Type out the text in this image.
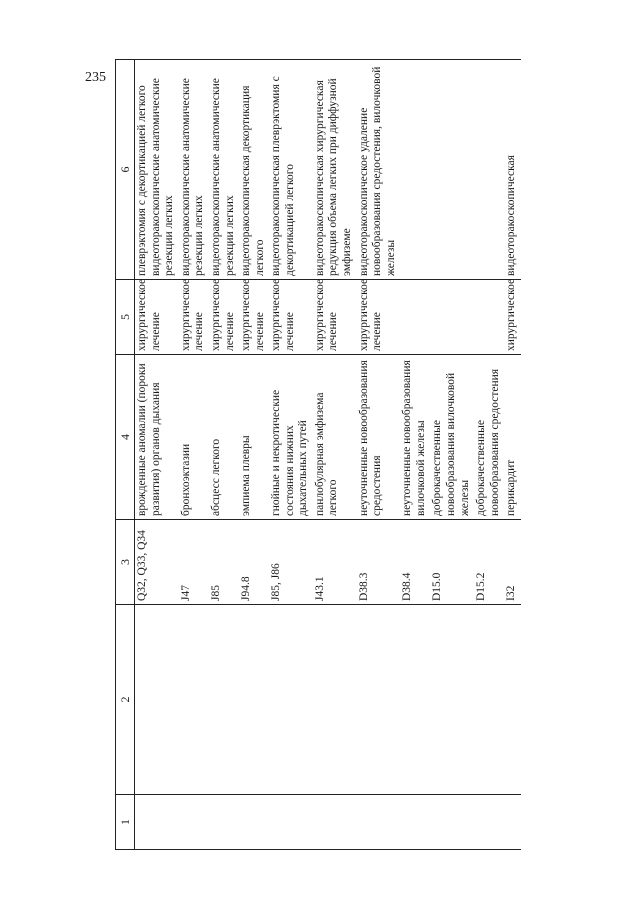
235
1	2	3	4	5	6
		Q32, Q33, Q34	врожденные аномалии (пороки развития) органов дыхания	хирургическое лечение	плеврэктомия с декортикацией легкого видеоторакоскопические анатомические резекции легких
		J47	бронхоэктазии	хирургическое лечение	видеоторакоскопические анатомические резекции легких
		J85	абсцесс легкого	хирургическое лечение	видеоторакоскопические анатомические резекции легких
		J94.8	эмпиема плевры	хирургическое лечение	видеоторакоскопическая декортикация легкого
		J85, J86	гнойные и некротические состояния нижних дыхательных путей	хирургическое лечение	видеоторакоскопическая плеврэктомия с декортикацией легкого
		J43.1	панлобулярная эмфизема легкого	хирургическое лечение	видеоторакоскопическая хирургическая редукция объема легких при диффузной эмфиземе
		D38.3	неуточненные новообразования средостения	хирургическое лечение	видеоторакоскопическое удаление новообразования средостения, вилочковой железы
		D38.4	неуточненные новообразования вилочковой железы		
		D15.0	доброкачественные новообразования вилочковой железы		
		D15.2	доброкачественные новообразования средостения		
		I32	перикардит	хирургическое	видеоторакоскопическая
